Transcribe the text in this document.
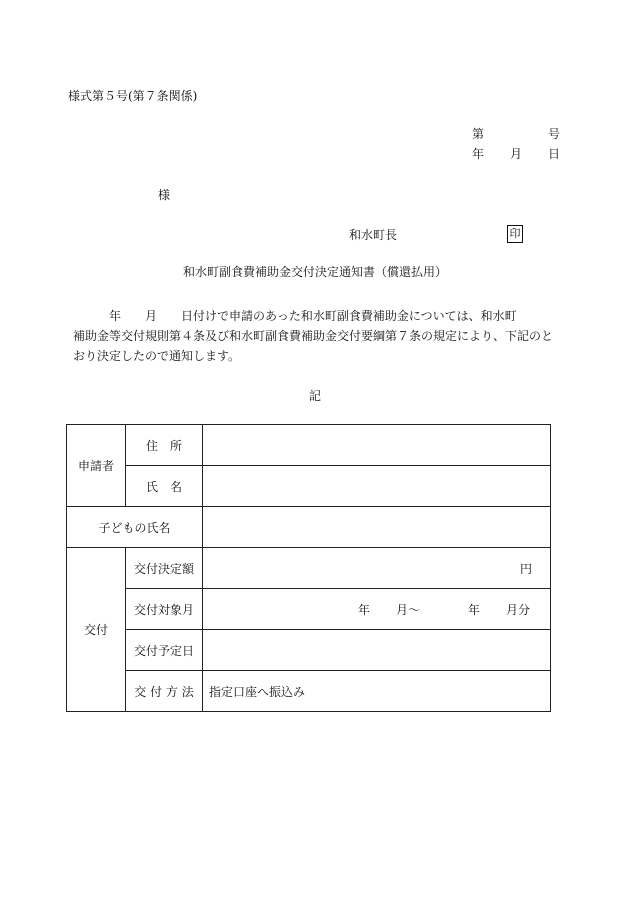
様式第５号(第７条関係)
第	号
年 月 日
様
和水町長	印
和水町副食費補助金交付決定通知書（償還払用）
　　　年　　月　　日付けで申請のあった和水町副食費補助金については、和水町
補助金等交付規則第４条及び和水町副食費補助金交付要綱第７条の規定により、下記のと
おり決定したので通知します。
記
申請者	住　所	
	氏　名	
子どもの氏名		
交付	交付決定額	円
	交付対象月	年 月～ 年 月分

	交付予定日	
	交 付 方 法	指定口座へ振込み
